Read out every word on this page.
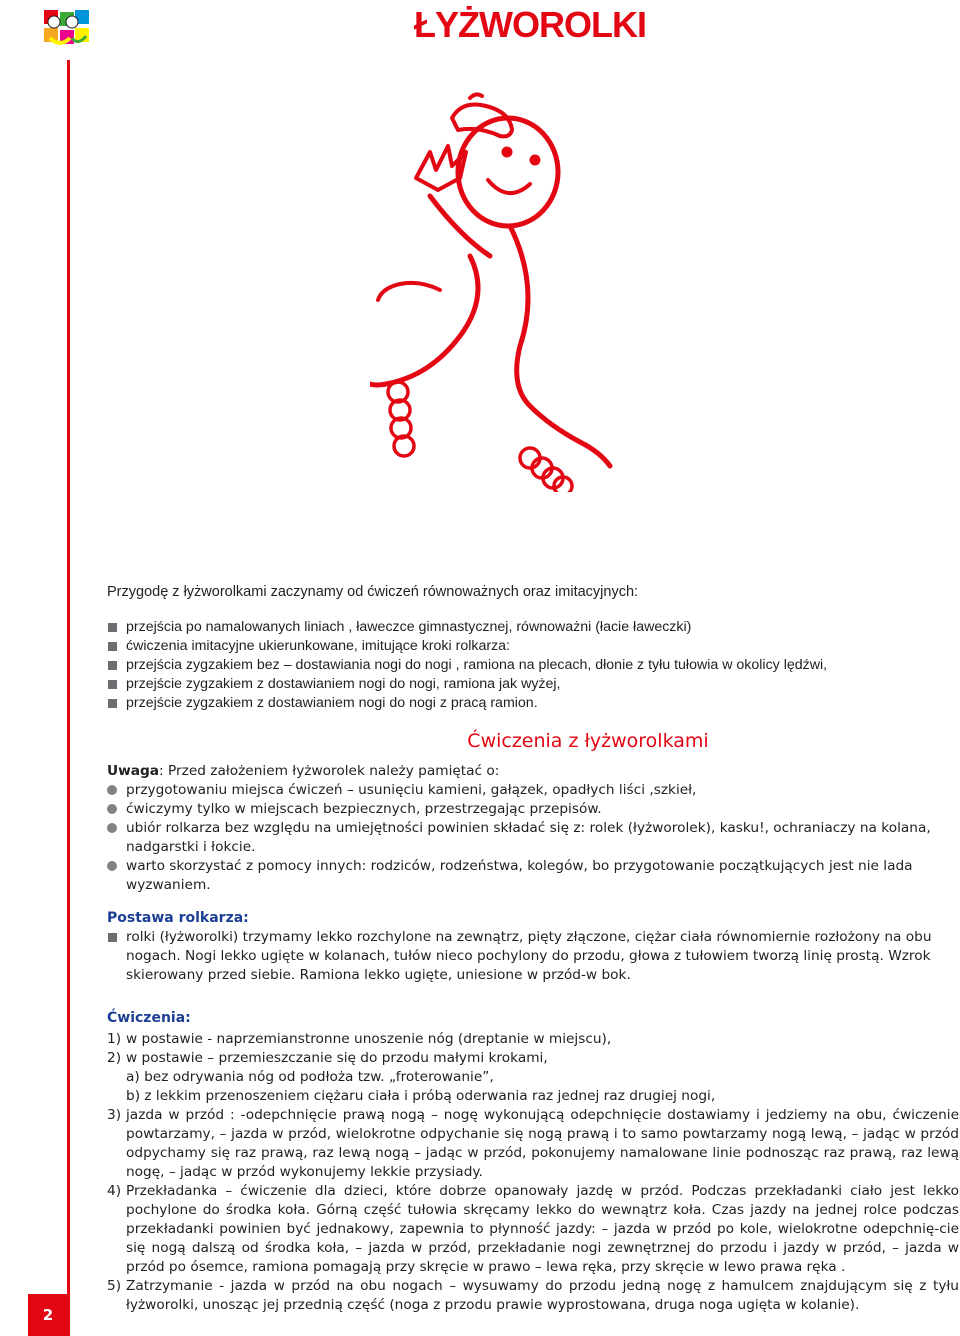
ŁYŻWOROLKI

Przygodę z łyżworolkami zaczynamy od ćwiczeń równoważnych oraz imitacyjnych:

przejścia po namalowanych liniach , ławeczce gimnastycznej, równoważni (łacie ławeczki)
ćwiczenia imitacyjne ukierunkowane, imitujące kroki rolkarza:
przejścia zygzakiem bez – dostawiania nogi do nogi , ramiona na plecach, dłonie z tyłu tułowia w okolicy lędźwi,
przejście zygzakiem z dostawianiem nogi do nogi, ramiona jak wyżej,
przejście zygzakiem z dostawianiem nogi do nogi z pracą ramion.
Ćwiczenia z łyżworolkami

Uwaga: Przed założeniem łyżworolek należy pamiętać o:

przygotowaniu miejsca ćwiczeń – usunięciu kamieni, gałązek, opadłych liści ,szkieł,
ćwiczymy tylko w miejscach bezpiecznych, przestrzegając przepisów.
ubiór rolkarza bez względu na umiejętności powinien składać się z: rolek (łyżworolek), kasku!, ochraniaczy na kolana, nadgarstki i łokcie.
warto skorzystać z pomocy innych: rodziców, rodzeństwa, kolegów, bo przygotowanie początkujących jest nie lada wyzwaniem.
Postawa rolkarza:
rolki (łyżworolki) trzymamy lekko rozchylone na zewnątrz, pięty złączone, ciężar ciała równomiernie rozłożony na obu nogach. Nogi lekko ugięte w kolanach, tułów nieco pochylony do przodu, głowa z tułowiem tworzą linię prostą. Wzrok skierowany przed siebie. Ramiona lekko ugięte, uniesione w przód-w bok.
Ćwiczenia:
1) w postawie - naprzemianstronne unoszenie nóg (dreptanie w miejscu),
2) w postawie – przemieszczanie się do przodu małymi krokami,
a) bez odrywania nóg od podłoża tzw. „froterowanie”,
b) z lekkim przenoszeniem ciężaru ciała i próbą oderwania raz jednej raz drugiej nogi,
3) jazda w przód : -odepchnięcie prawą nogą – nogę wykonującą odepchnięcie dostawiamy i jedziemy na obu, ćwiczenie powtarzamy, – jazda w przód, wielokrotne odpychanie się nogą prawą i to samo powtarzamy nogą lewą, – jadąc w przód odpychamy się raz prawą, raz lewą nogą – jadąc w przód, pokonujemy namalowane linie podnosząc raz prawą, raz lewą nogę, – jadąc w przód wykonujemy lekkie przysiady.
4) Przekładanka – ćwiczenie dla dzieci, które dobrze opanowały jazdę w przód. Podczas przekładanki ciało jest lekko pochylone do środka koła. Górną część tułowia skręcamy lekko do wewnątrz koła. Czas jazdy na jednej rolce podczas przekładanki powinien być jednakowy, zapewnia to płynność jazdy: – jazda w przód po kole, wielokrotne odepchnię-cie się nogą dalszą od środka koła, – jazda w przód, przekładanie nogi zewnętrznej do przodu i jazdy w przód, – jazda w przód po ósemce, ramiona pomagają przy skręcie w prawo – lewa ręka, przy skręcie w lewo prawa ręka .
5) Zatrzymanie - jazda w przód na obu nogach – wysuwamy do przodu jedną nogę z hamulcem znajdującym się z tyłu łyżworolki, unosząc jej przednią część (noga z przodu prawie wyprostowana, druga noga ugięta w kolanie).
2
